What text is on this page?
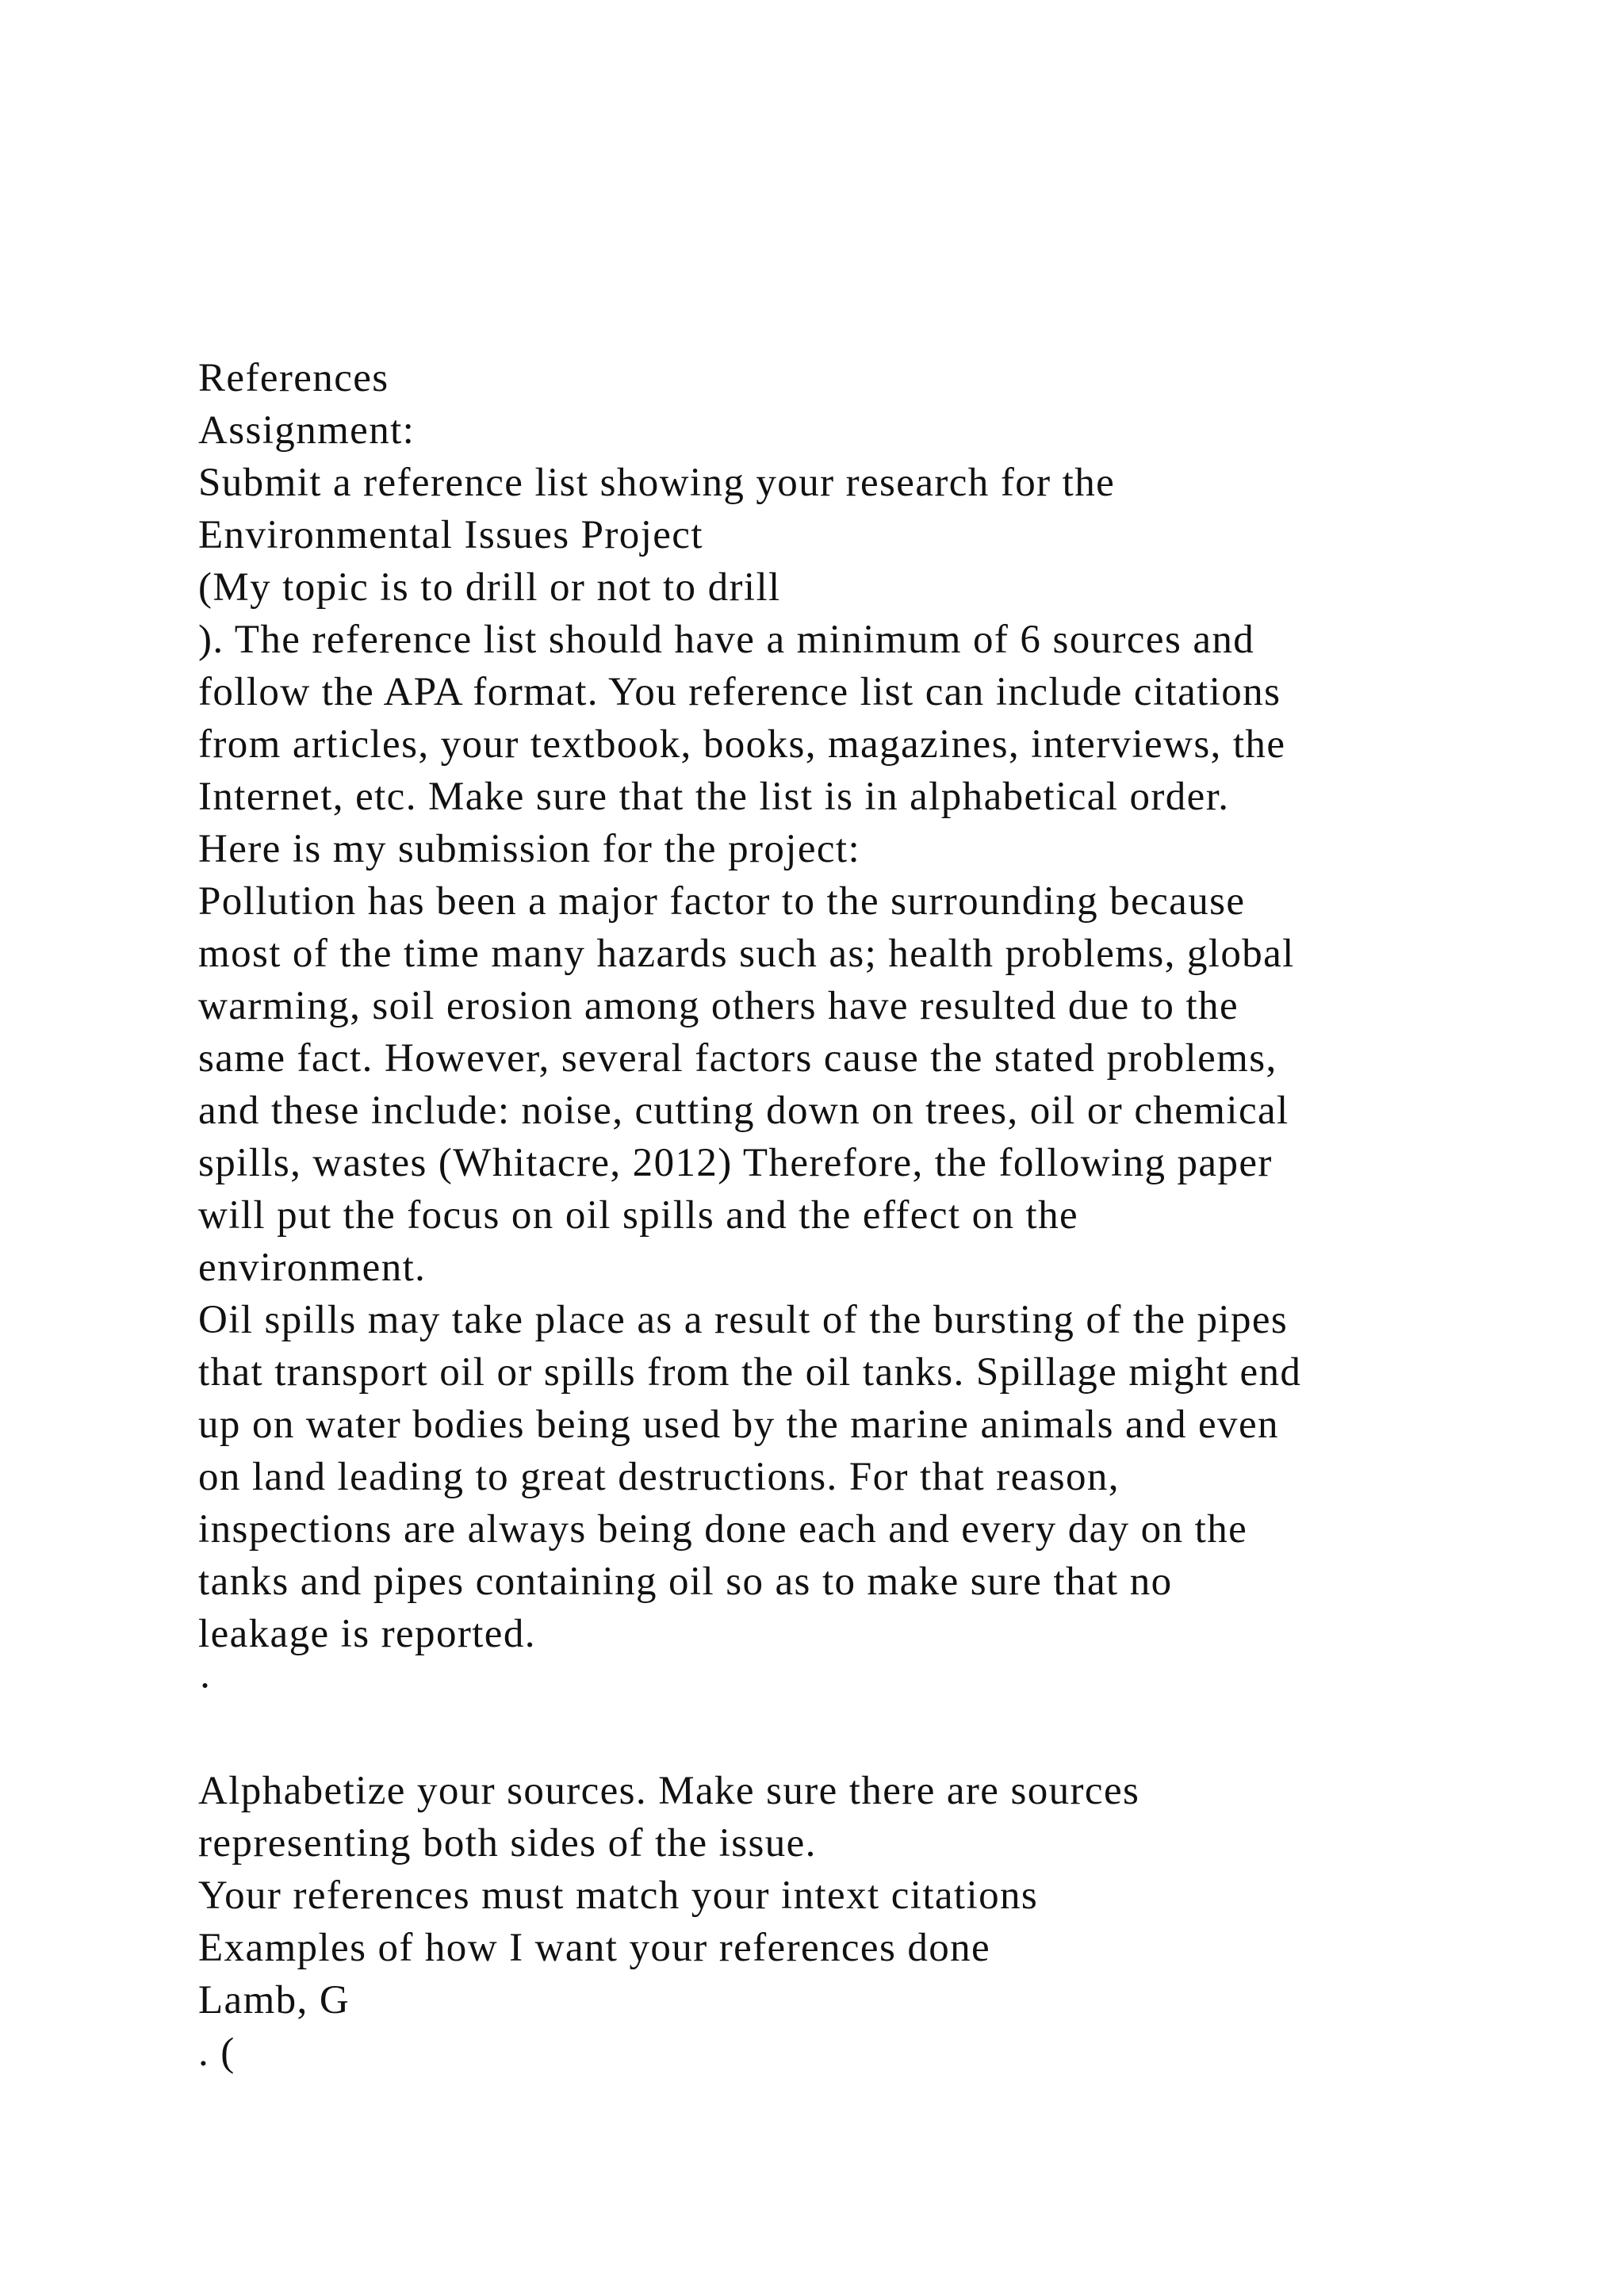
References
Assignment:
Submit a reference list showing your research for the
Environmental Issues Project
(My topic is to drill or not to drill
). The reference list should have a minimum of 6 sources and
follow the APA format. You reference list can include citations
from articles, your textbook, books, magazines, interviews, the
Internet, etc. Make sure that the list is in alphabetical order.
Here is my submission for the project:
Pollution has been a major factor to the surrounding because
most of the time many hazards such as; health problems, global
warming, soil erosion among others have resulted due to the
same fact. However, several factors cause the stated problems,
and these include: noise, cutting down on trees, oil or chemical
spills, wastes (Whitacre, 2012) Therefore, the following paper
will put the focus on oil spills and the effect on the
environment.
Oil spills may take place as a result of the bursting of the pipes
that transport oil or spills from the oil tanks. Spillage might end
up on water bodies being used by the marine animals and even
on land leading to great destructions. For that reason,
inspections are always being done each and every day on the
tanks and pipes containing oil so as to make sure that no
leakage is reported.
·
Alphabetize your sources. Make sure there are sources
representing both sides of the issue.
Your references must match your intext citations
Examples of how I want your references done
Lamb, G
. (
